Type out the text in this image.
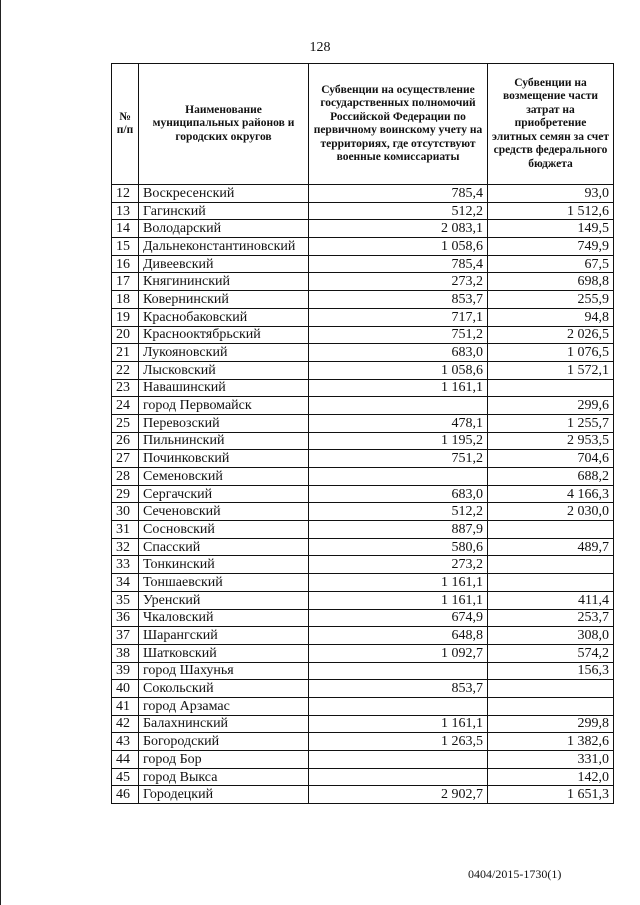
128
№ п/п	Наименование муниципальных районов и городских округов	Субвенции на осуществление государственных полномочий Российской Федерации по первичному воинскому учету на территориях, где отсутствуют военные комиссариаты	Субвенции на возмещение части затрат на приобретение элитных семян за счет средств федерального бюджета
12	Воскресенский	785,4	93,0
13	Гагинский	512,2	1 512,6
14	Володарский	2 083,1	149,5
15	Дальнеконстантиновский	1 058,6	749,9
16	Дивеевский	785,4	67,5
17	Княгининский	273,2	698,8
18	Ковернинский	853,7	255,9
19	Краснобаковский	717,1	94,8
20	Краснооктябрьский	751,2	2 026,5
21	Лукояновский	683,0	1 076,5
22	Лысковский	1 058,6	1 572,1
23	Навашинский	1 161,1	
24	город Первомайск		299,6
25	Перевозский	478,1	1 255,7
26	Пильнинский	1 195,2	2 953,5
27	Починковский	751,2	704,6
28	Семеновский		688,2
29	Сергачский	683,0	4 166,3
30	Сеченовский	512,2	2 030,0
31	Сосновский	887,9	
32	Спасский	580,6	489,7
33	Тонкинский	273,2	
34	Тоншаевский	1 161,1	
35	Уренский	1 161,1	411,4
36	Чкаловский	674,9	253,7
37	Шарангский	648,8	308,0
38	Шатковский	1 092,7	574,2
39	город Шахунья		156,3
40	Сокольский	853,7	
41	город Арзамас		
42	Балахнинский	1 161,1	299,8
43	Богородский	1 263,5	1 382,6
44	город Бор		331,0
45	город Выкса		142,0
46	Городецкий	2 902,7	1 651,3
0404/2015-1730(1)
